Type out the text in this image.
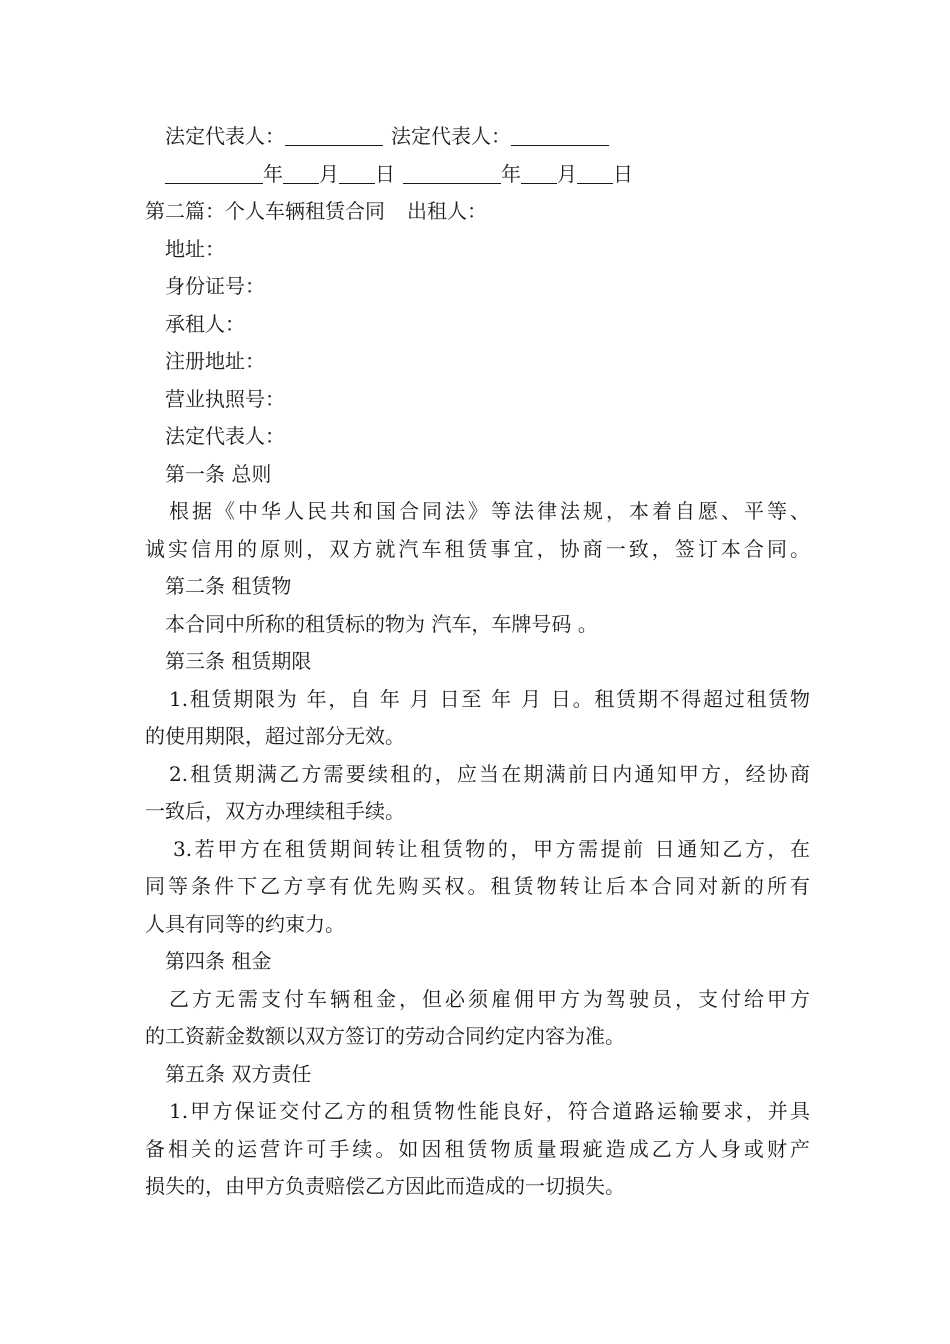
法定代表人：	法定代表人：
年 月 日	年 月 日
第二篇：个人车辆租赁合同 出租人：
地址：
身份证号：
承租人：
注册地址：
营业执照号：
法定代表人：
第一条 总则
根据《中华人民共和国合同法》等法律法规，本着自愿、平等、
诚实信用的原则，双方就汽车租赁事宜，协商一致，签订本合同。
第二条 租赁物
本合同中所称的租赁标的物为 汽车，车牌号码 。
第三条 租赁期限
1.租赁期限为 年，自 年 月 日至 年 月 日。租赁期不得超过租赁物
的使用期限，超过部分无效。
2.租赁期满乙方需要续租的，应当在期满前日内通知甲方，经协商
一致后，双方办理续租手续。
3.若甲方在租赁期间转让租赁物的，甲方需提前 日通知乙方，在
同等条件下乙方享有优先购买权。租赁物转让后本合同对新的所有
人具有同等的约束力。
第四条 租金
乙方无需支付车辆租金，但必须雇佣甲方为驾驶员，支付给甲方
的工资薪金数额以双方签订的劳动合同约定内容为准。
第五条 双方责任
1.甲方保证交付乙方的租赁物性能良好，符合道路运输要求，并具
备相关的运营许可手续。如因租赁物质量瑕疵造成乙方人身或财产
损失的，由甲方负责赔偿乙方因此而造成的一切损失。
